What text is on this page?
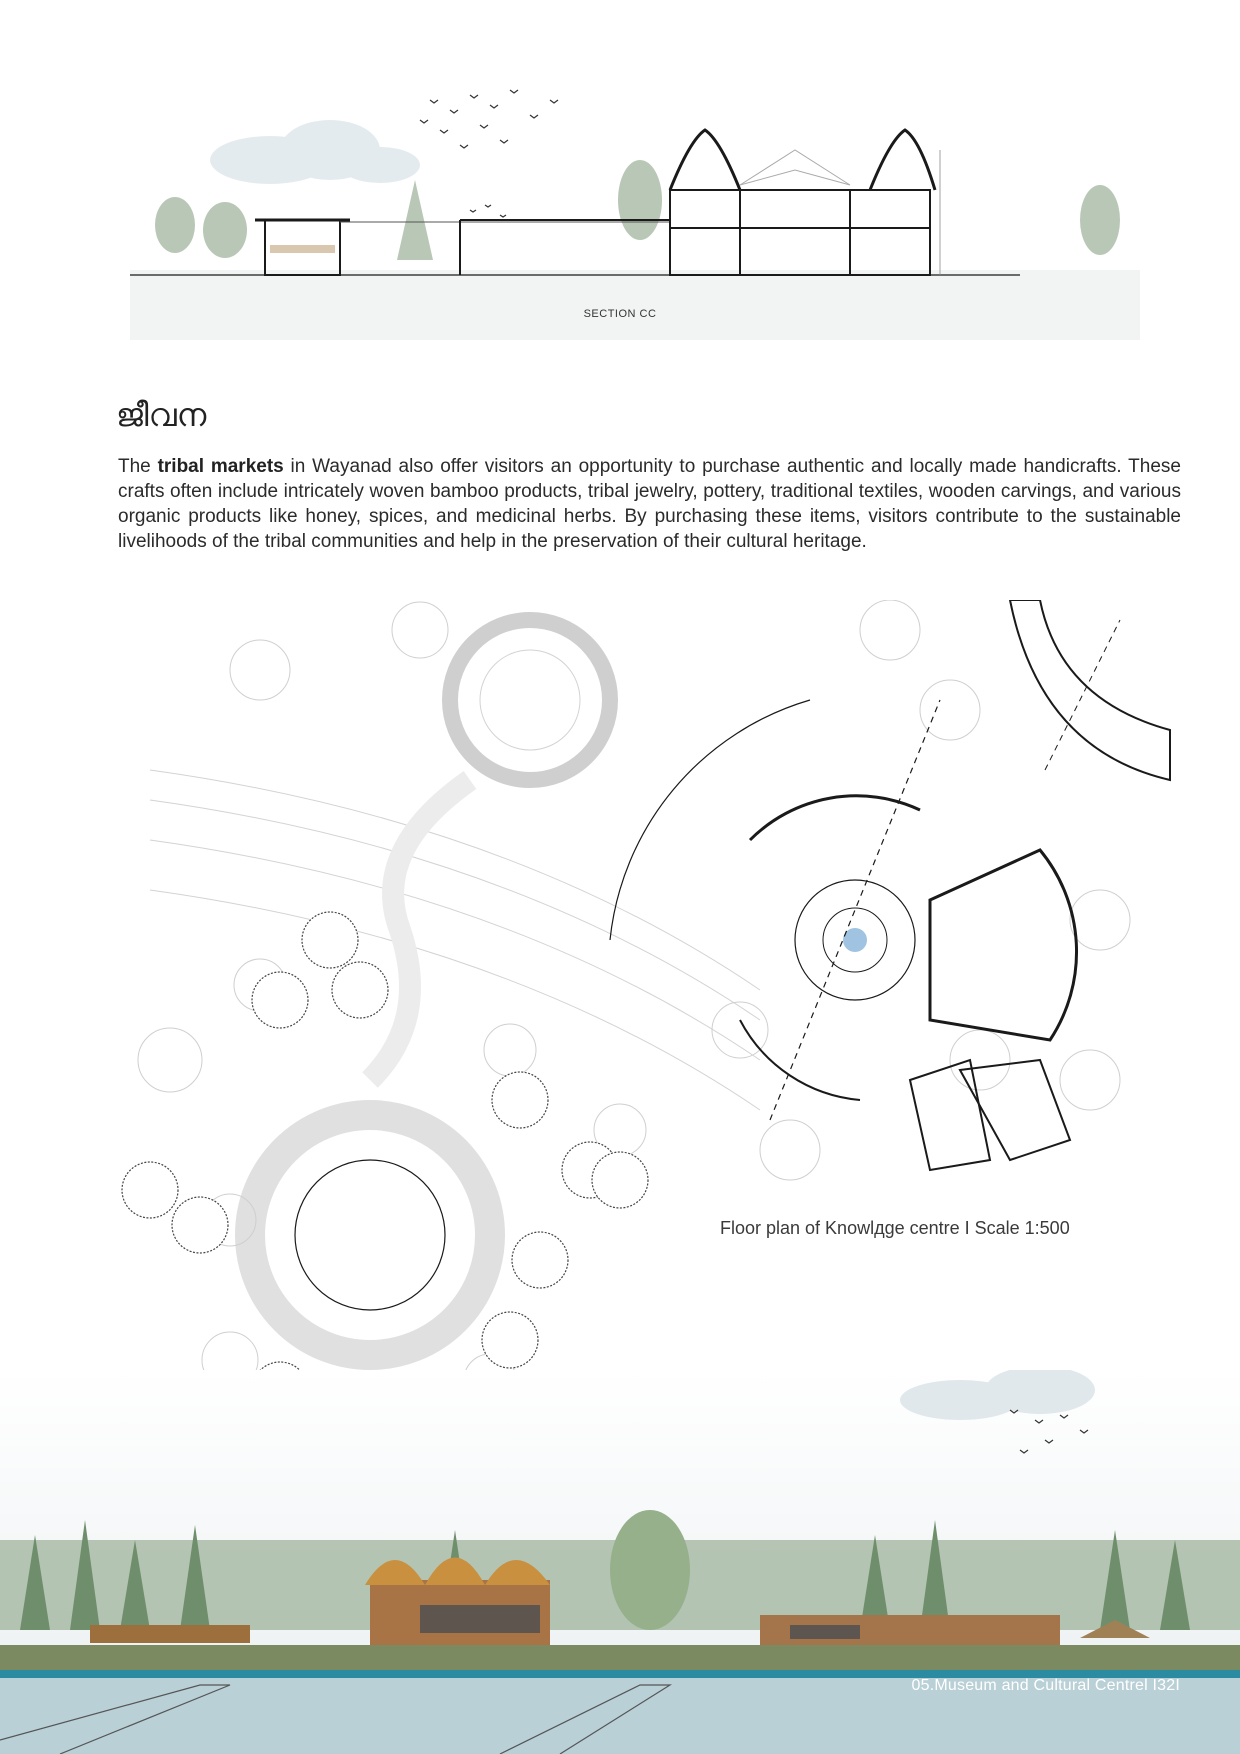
SECTION CC
ജീവന

The tribal markets in Wayanad also offer visitors an opportunity to purchase authentic and locally made handicrafts. These crafts often include intricately woven bamboo products, tribal jewelry, pottery, traditional textiles, wooden carvings, and various organic products like honey, spices, and medicinal herbs. By purchasing these items, visitors contribute to the sustainable livelihoods of the tribal communities and help in the preservation of their cultural heritage.

Floor plan of Knowlдge centre I Scale 1:500
05.Museum and Cultural Centrel I32I
